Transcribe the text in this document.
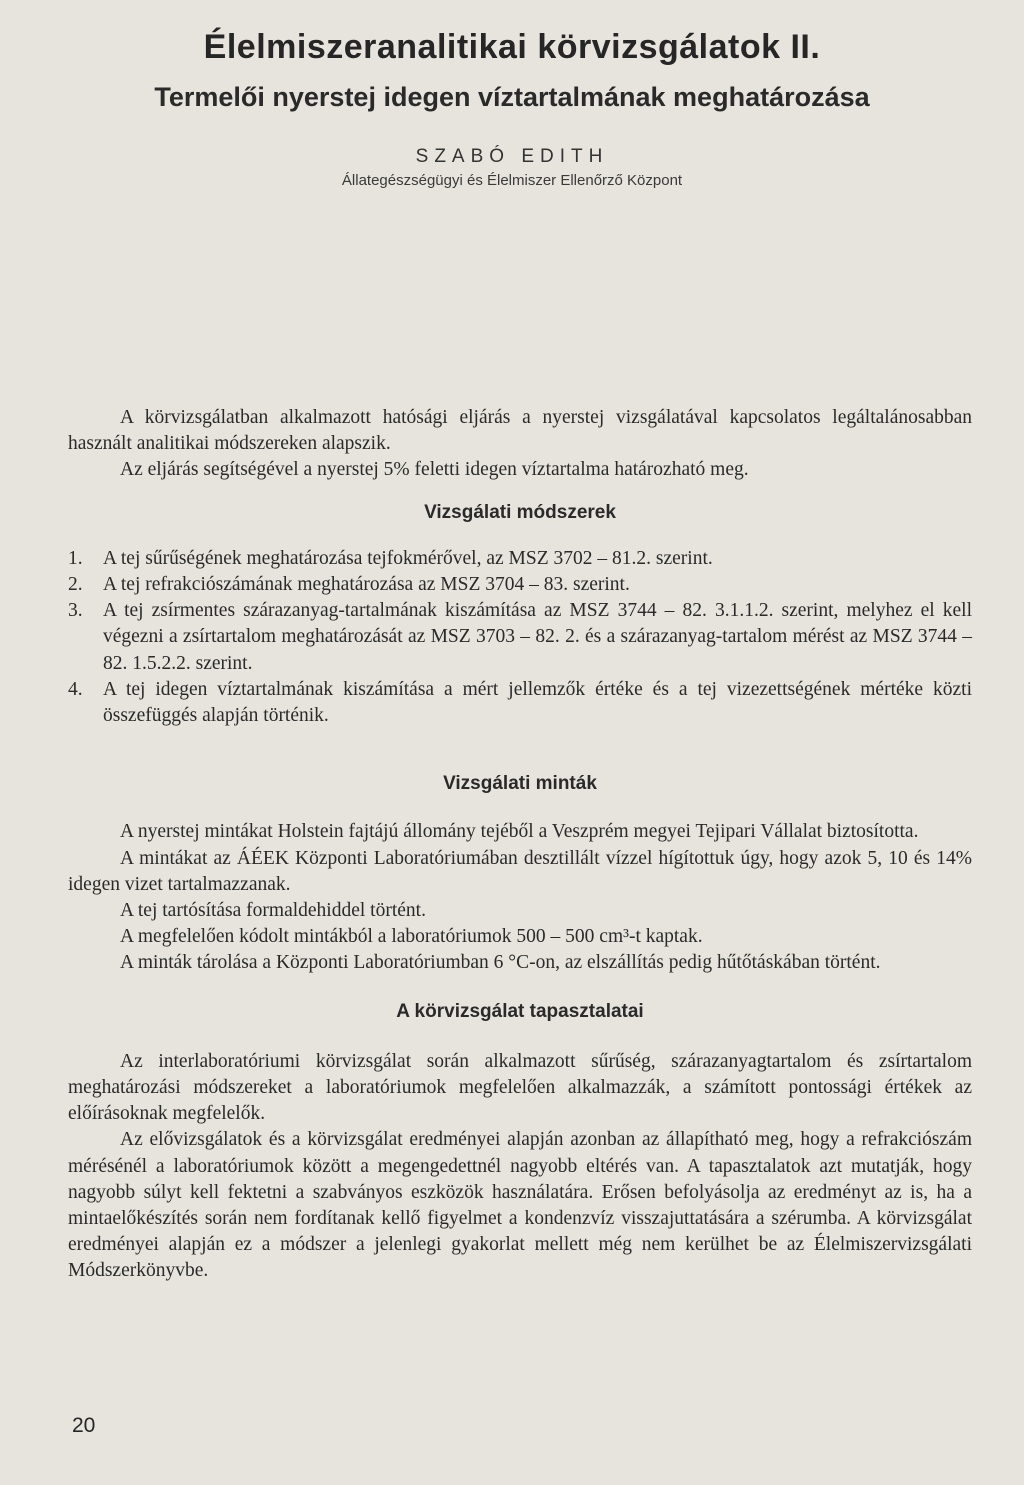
Élelmiszeranalitikai körvizsgálatok II.
Termelői nyerstej idegen víztartalmának meghatározása
SZABÓ EDITH
Állategészségügyi és Élelmiszer Ellenőrző Központ

A körvizsgálatban alkalmazott hatósági eljárás a nyerstej vizsgálatával kapcsolatos legáltalánosabban használt analitikai módszereken alapszik.

Az eljárás segítségével a nyerstej 5% feletti idegen víztartalma határozható meg.

Vizsgálati módszerek
1. A tej sűrűségének meghatározása tejfokmérővel, az MSZ 3702 – 81.2. szerint.
2. A tej refrakciószámának meghatározása az MSZ 3704 – 83. szerint.
3. A tej zsírmentes szárazanyag-tartalmának kiszámítása az MSZ 3744 – 82. 3.1.1.2. szerint, melyhez el kell végezni a zsírtartalom meghatározását az MSZ 3703 – 82. 2. és a szárazanyag-tartalom mérést az MSZ 3744 – 82. 1.5.2.2. szerint.
4. A tej idegen víztartalmának kiszámítása a mért jellemzők értéke és a tej vizezettségének mértéke közti összefüggés alapján történik.
Vizsgálati minták

A nyerstej mintákat Holstein fajtájú állomány tejéből a Veszprém megyei Tejipari Vállalat biztosította.

A mintákat az ÁÉEK Központi Laboratóriumában desztillált vízzel hígítottuk úgy, hogy azok 5, 10 és 14% idegen vizet tartalmazzanak.

A tej tartósítása formaldehiddel történt.

A megfelelően kódolt mintákból a laboratóriumok 500 – 500 cm³-t kaptak.

A minták tárolása a Központi Laboratóriumban 6 °C-on, az elszállítás pedig hűtőtáskában történt.

A körvizsgálat tapasztalatai

Az interlaboratóriumi körvizsgálat során alkalmazott sűrűség, szárazanyagtartalom és zsírtartalom meghatározási módszereket a laboratóriumok megfelelően alkalmazzák, a számított pontossági értékek az előírásoknak megfelelők.

Az elővizsgálatok és a körvizsgálat eredményei alapján azonban az állapítható meg, hogy a refrakciószám mérésénél a laboratóriumok között a megengedettnél nagyobb eltérés van. A tapasztalatok azt mutatják, hogy nagyobb súlyt kell fektetni a szabványos eszközök használatára. Erősen befolyásolja az eredményt az is, ha a mintaelőkészítés során nem fordítanak kellő figyelmet a kondenzvíz visszajuttatására a szérumba. A körvizsgálat eredményei alapján ez a módszer a jelenlegi gyakorlat mellett még nem kerülhet be az Élelmiszervizsgálati Módszerkönyvbe.

20
